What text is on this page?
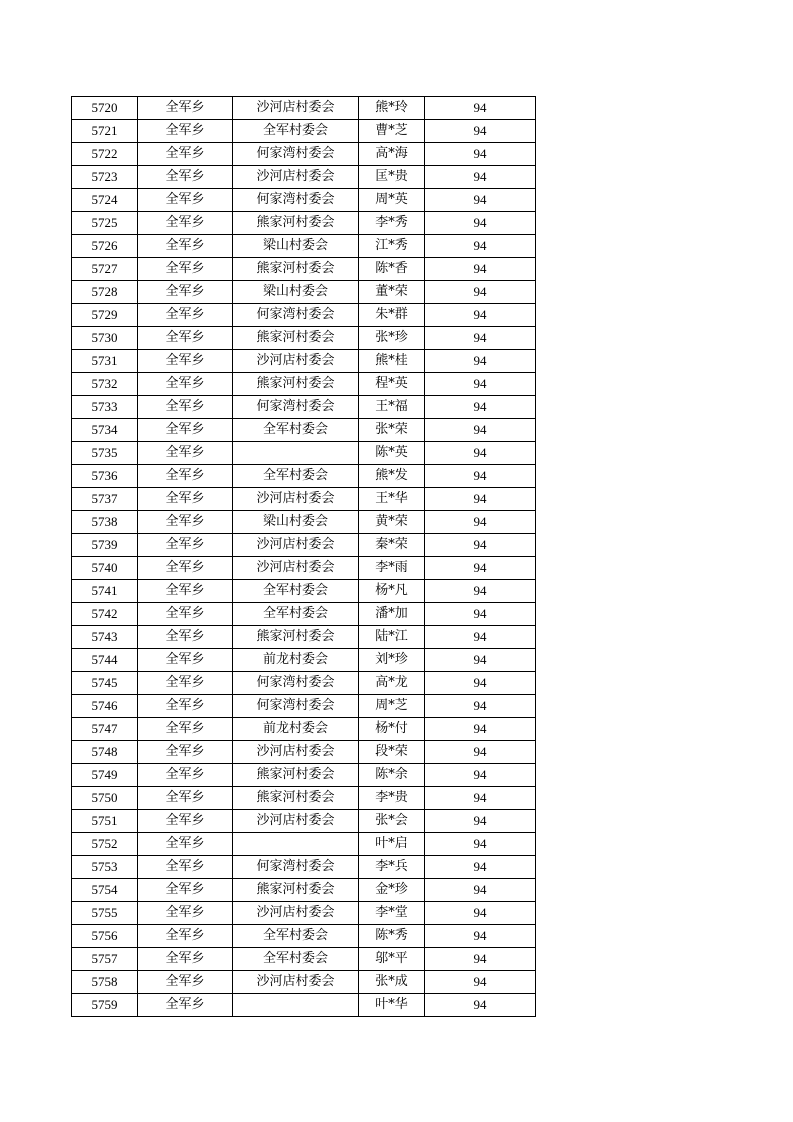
5720	全军乡	沙河店村委会	熊*玲	94
5721	全军乡	全军村委会	曹*芝	94
5722	全军乡	何家湾村委会	高*海	94
5723	全军乡	沙河店村委会	匡*贵	94
5724	全军乡	何家湾村委会	周*英	94
5725	全军乡	熊家河村委会	李*秀	94
5726	全军乡	梁山村委会	江*秀	94
5727	全军乡	熊家河村委会	陈*香	94
5728	全军乡	梁山村委会	董*荣	94
5729	全军乡	何家湾村委会	朱*群	94
5730	全军乡	熊家河村委会	张*珍	94
5731	全军乡	沙河店村委会	熊*桂	94
5732	全军乡	熊家河村委会	程*英	94
5733	全军乡	何家湾村委会	王*福	94
5734	全军乡	全军村委会	张*荣	94
5735	全军乡		陈*英	94
5736	全军乡	全军村委会	熊*发	94
5737	全军乡	沙河店村委会	王*华	94
5738	全军乡	梁山村委会	黄*荣	94
5739	全军乡	沙河店村委会	秦*荣	94
5740	全军乡	沙河店村委会	李*雨	94
5741	全军乡	全军村委会	杨*凡	94
5742	全军乡	全军村委会	潘*加	94
5743	全军乡	熊家河村委会	陆*江	94
5744	全军乡	前龙村委会	刘*珍	94
5745	全军乡	何家湾村委会	高*龙	94
5746	全军乡	何家湾村委会	周*芝	94
5747	全军乡	前龙村委会	杨*付	94
5748	全军乡	沙河店村委会	段*荣	94
5749	全军乡	熊家河村委会	陈*余	94
5750	全军乡	熊家河村委会	李*贵	94
5751	全军乡	沙河店村委会	张*会	94
5752	全军乡		叶*启	94
5753	全军乡	何家湾村委会	李*兵	94
5754	全军乡	熊家河村委会	金*珍	94
5755	全军乡	沙河店村委会	李*堂	94
5756	全军乡	全军村委会	陈*秀	94
5757	全军乡	全军村委会	邬*平	94
5758	全军乡	沙河店村委会	张*成	94
5759	全军乡		叶*华	94
